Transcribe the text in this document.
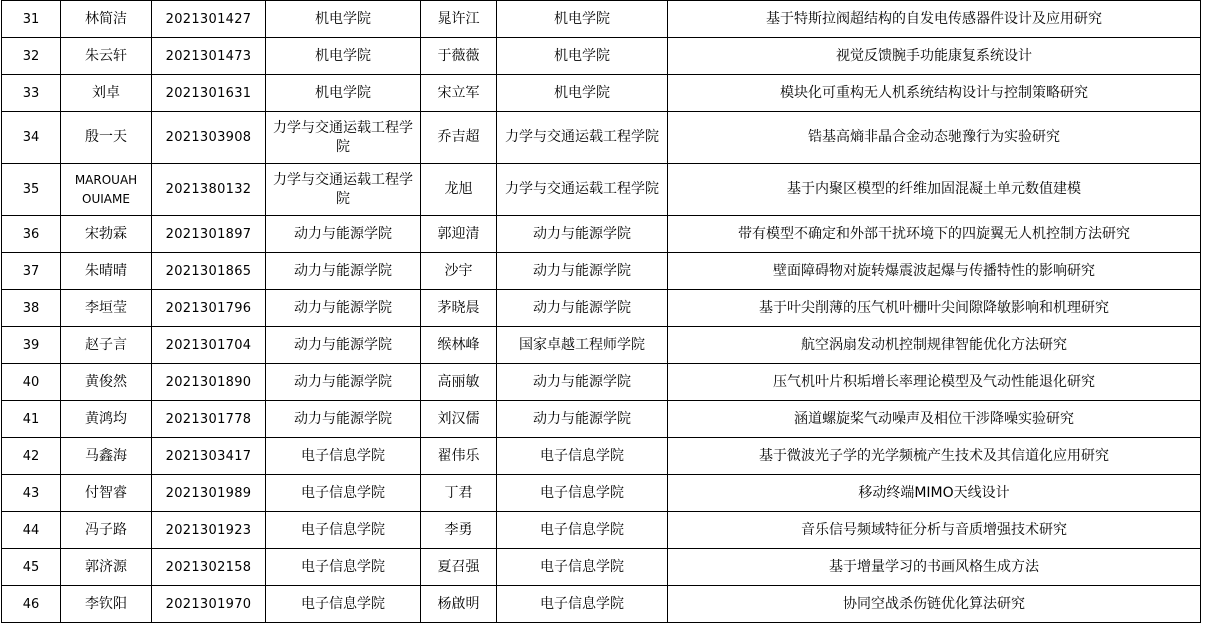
31	林简洁	2021301427	机电学院	晁许江	机电学院	基于特斯拉阀超结构的自发电传感器件设计及应用研究
32	朱云轩	2021301473	机电学院	于薇薇	机电学院	视觉反馈腕手功能康复系统设计
33	刘卓	2021301631	机电学院	宋立军	机电学院	模块化可重构无人机系统结构设计与控制策略研究
34	殷一天	2021303908	力学与交通运载工程学院	乔吉超	力学与交通运载工程学院	锆基高熵非晶合金动态驰豫行为实验研究
35	MAROUAH OUIAME	2021380132	力学与交通运载工程学院	龙旭	力学与交通运载工程学院	基于内聚区模型的纤维加固混凝土单元数值建模
36	宋勃霖	2021301897	动力与能源学院	郭迎清	动力与能源学院	带有模型不确定和外部干扰环境下的四旋翼无人机控制方法研究
37	朱晴晴	2021301865	动力与能源学院	沙宇	动力与能源学院	壁面障碍物对旋转爆震波起爆与传播特性的影响研究
38	李垣莹	2021301796	动力与能源学院	茅晓晨	动力与能源学院	基于叶尖削薄的压气机叶栅叶尖间隙降敏影响和机理研究
39	赵子言	2021301704	动力与能源学院	缑林峰	国家卓越工程师学院	航空涡扇发动机控制规律智能优化方法研究
40	黄俊然	2021301890	动力与能源学院	高丽敏	动力与能源学院	压气机叶片积垢增长率理论模型及气动性能退化研究
41	黄鸿均	2021301778	动力与能源学院	刘汉儒	动力与能源学院	涵道螺旋桨气动噪声及相位干涉降噪实验研究
42	马鑫海	2021303417	电子信息学院	翟伟乐	电子信息学院	基于微波光子学的光学频梳产生技术及其信道化应用研究
43	付智睿	2021301989	电子信息学院	丁君	电子信息学院	移动终端MIMO天线设计
44	冯子路	2021301923	电子信息学院	李勇	电子信息学院	音乐信号频域特征分析与音质增强技术研究
45	郭济源	2021302158	电子信息学院	夏召强	电子信息学院	基于增量学习的书画风格生成方法
46	李钦阳	2021301970	电子信息学院	杨啟明	电子信息学院	协同空战杀伤链优化算法研究
